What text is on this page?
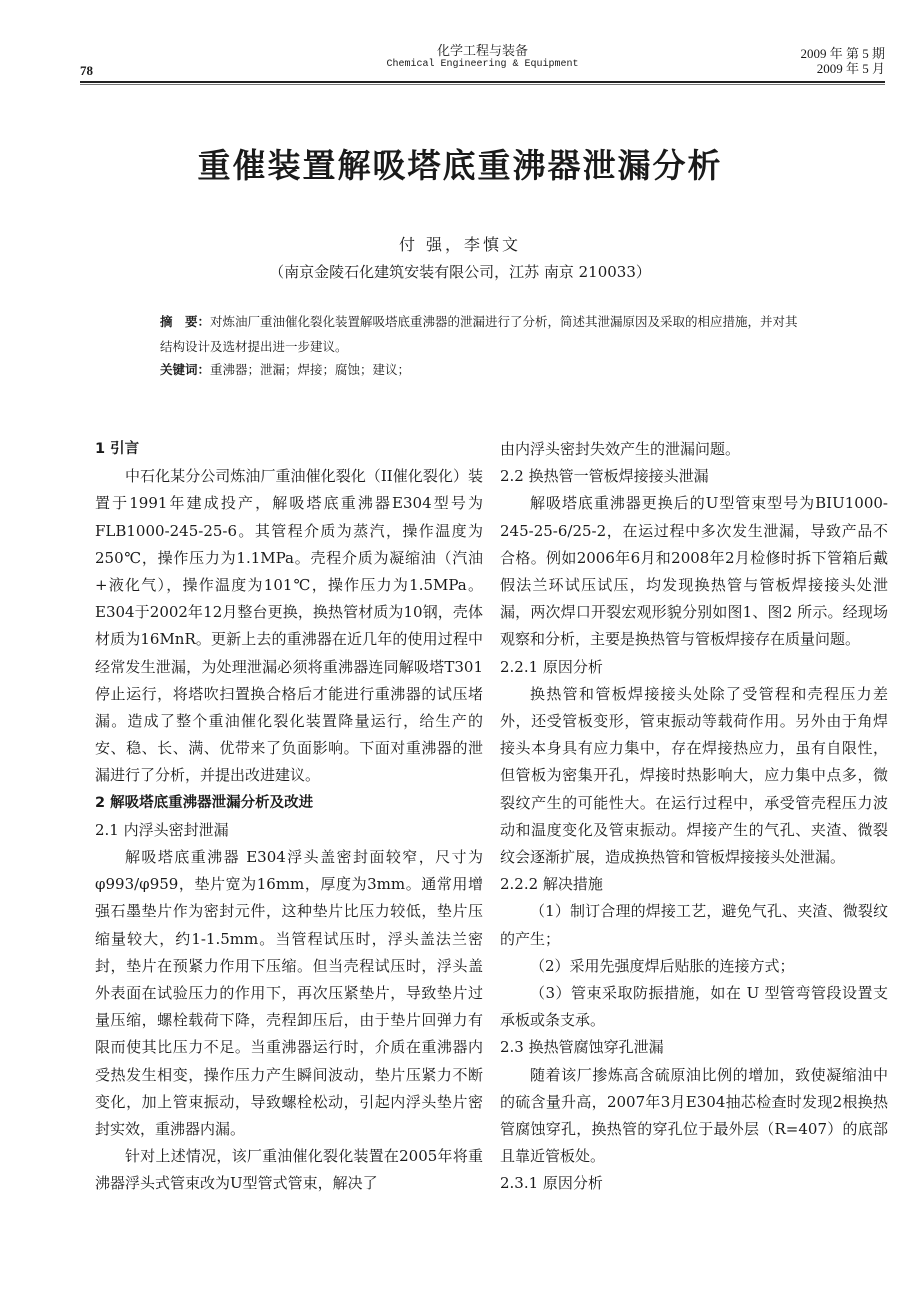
78
化学工程与装备
Chemical Engineering & Equipment
2009 年 第 5 期
2009 年 5 月
重催装置解吸塔底重沸器泄漏分析
付 强，李慎文
（南京金陵石化建筑安装有限公司，江苏 南京 210033）
摘　要：对炼油厂重油催化裂化装置解吸塔底重沸器的泄漏进行了分析，简述其泄漏原因及采取的相应措施，并对其结构设计及选材提出进一步建议。
关键词：重沸器；泄漏；焊接；腐蚀；建议；

1 引言

中石化某分公司炼油厂重油催化裂化（II催化裂化）装置于1991年建成投产，解吸塔底重沸器E304型号为FLB1000-245-25-6。其管程介质为蒸汽，操作温度为250℃，操作压力为1.1MPa。壳程介质为凝缩油（汽油+液化气），操作温度为101℃，操作压力为1.5MPa。E304于2002年12月整台更换，换热管材质为10钢，壳体材质为16MnR。更新上去的重沸器在近几年的使用过程中经常发生泄漏，为处理泄漏必须将重沸器连同解吸塔T301停止运行，将塔吹扫置换合格后才能进行重沸器的试压堵漏。造成了整个重油催化裂化装置降量运行，给生产的安、稳、长、满、优带来了负面影响。下面对重沸器的泄漏进行了分析，并提出改进建议。

2 解吸塔底重沸器泄漏分析及改进

2.1 内浮头密封泄漏

解吸塔底重沸器 E304浮头盖密封面较窄，尺寸为φ993/φ959，垫片宽为16mm，厚度为3mm。通常用增强石墨垫片作为密封元件，这种垫片比压力较低，垫片压缩量较大，约1-1.5mm。当管程试压时，浮头盖法兰密封，垫片在预紧力作用下压缩。但当壳程试压时，浮头盖外表面在试验压力的作用下，再次压紧垫片，导致垫片过量压缩，螺栓载荷下降，壳程卸压后，由于垫片回弹力有限而使其比压力不足。当重沸器运行时，介质在重沸器内受热发生相变，操作压力产生瞬间波动，垫片压紧力不断变化，加上管束振动，导致螺栓松动，引起内浮头垫片密封实效，重沸器内漏。

针对上述情况，该厂重油催化裂化装置在2005年将重沸器浮头式管束改为U型管式管束，解决了

由内浮头密封失效产生的泄漏问题。

2.2 换热管一管板焊接接头泄漏

解吸塔底重沸器更换后的U型管束型号为BIU1000-245-25-6/25-2，在运过程中多次发生泄漏，导致产品不合格。例如2006年6月和2008年2月检修时拆下管箱后戴假法兰环试压试压，均发现换热管与管板焊接接头处泄漏，两次焊口开裂宏观形貌分别如图1、图2 所示。经现场观察和分析，主要是换热管与管板焊接存在质量问题。

2.2.1 原因分析

换热管和管板焊接接头处除了受管程和壳程压力差外，还受管板变形，管束振动等载荷作用。另外由于角焊接头本身具有应力集中，存在焊接热应力，虽有自限性，但管板为密集开孔，焊接时热影响大，应力集中点多，微裂纹产生的可能性大。在运行过程中，承受管壳程压力波动和温度变化及管束振动。焊接产生的气孔、夹渣、微裂纹会逐渐扩展，造成换热管和管板焊接接头处泄漏。

2.2.2 解决措施

（1）制订合理的焊接工艺，避免气孔、夹渣、微裂纹的产生；

（2）采用先强度焊后贴胀的连接方式；

（3）管束采取防振措施，如在 U 型管弯管段设置支承板或条支承。

2.3 换热管腐蚀穿孔泄漏

随着该厂掺炼高含硫原油比例的增加，致使凝缩油中的硫含量升高，2007年3月E304抽芯检查时发现2根换热管腐蚀穿孔，换热管的穿孔位于最外层（R=407）的底部且靠近管板处。

2.3.1 原因分析
